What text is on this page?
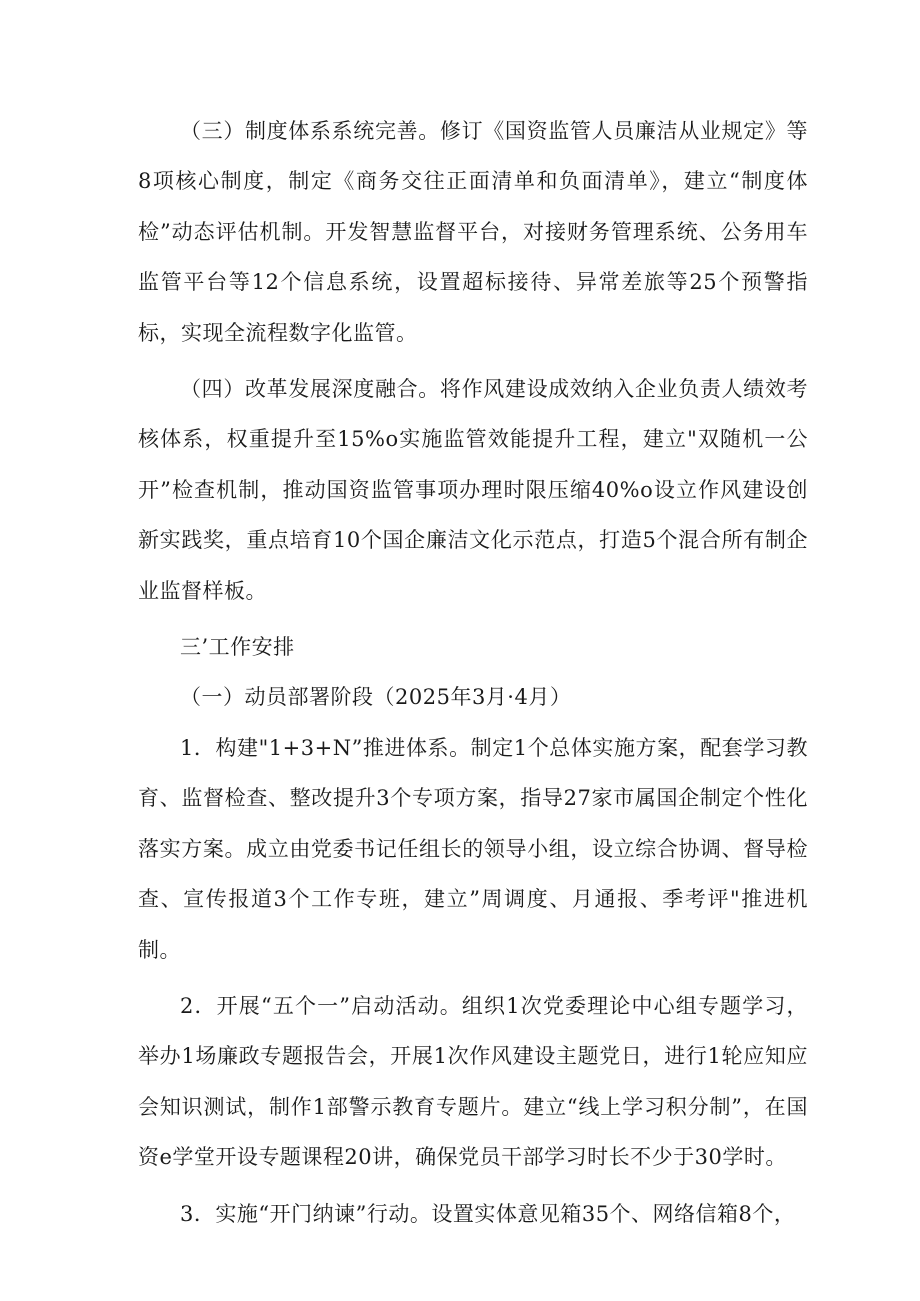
（三）制度体系系统完善。修订《国资监管人员廉洁从业规定》等8项核心制度，制定《商务交往正面清单和负面清单》，建立“制度体检”动态评估机制。开发智慧监督平台，对接财务管理系统、公务用车监管平台等12个信息系统，设置超标接待、异常差旅等25个预警指标，实现全流程数字化监管。

（四）改革发展深度融合。将作风建设成效纳入企业负责人绩效考核体系，权重提升至15%o实施监管效能提升工程，建立"双随机一公开”检查机制，推动国资监管事项办理时限压缩40%o设立作风建设创新实践奖，重点培育10个国企廉洁文化示范点，打造5个混合所有制企业监督样板。

三’工作安排

（一）动员部署阶段（2025年3月·4月）

1．构建"1+3+N”推进体系。制定1个总体实施方案，配套学习教育、监督检查、整改提升3个专项方案，指导27家市属国企制定个性化落实方案。成立由党委书记任组长的领导小组，设立综合协调、督导检查、宣传报道3个工作专班，建立”周调度、月通报、季考评"推进机制。

2．开展“五个一”启动活动。组织1次党委理论中心组专题学习，举办1场廉政专题报告会，开展1次作风建设主题党日，进行1轮应知应会知识测试，制作1部警示教育专题片。建立“线上学习积分制”，在国资e学堂开设专题课程20讲，确保党员干部学习时长不少于30学时。

3．实施“开门纳谏”行动。设置实体意见箱35个、网络信箱8个，
